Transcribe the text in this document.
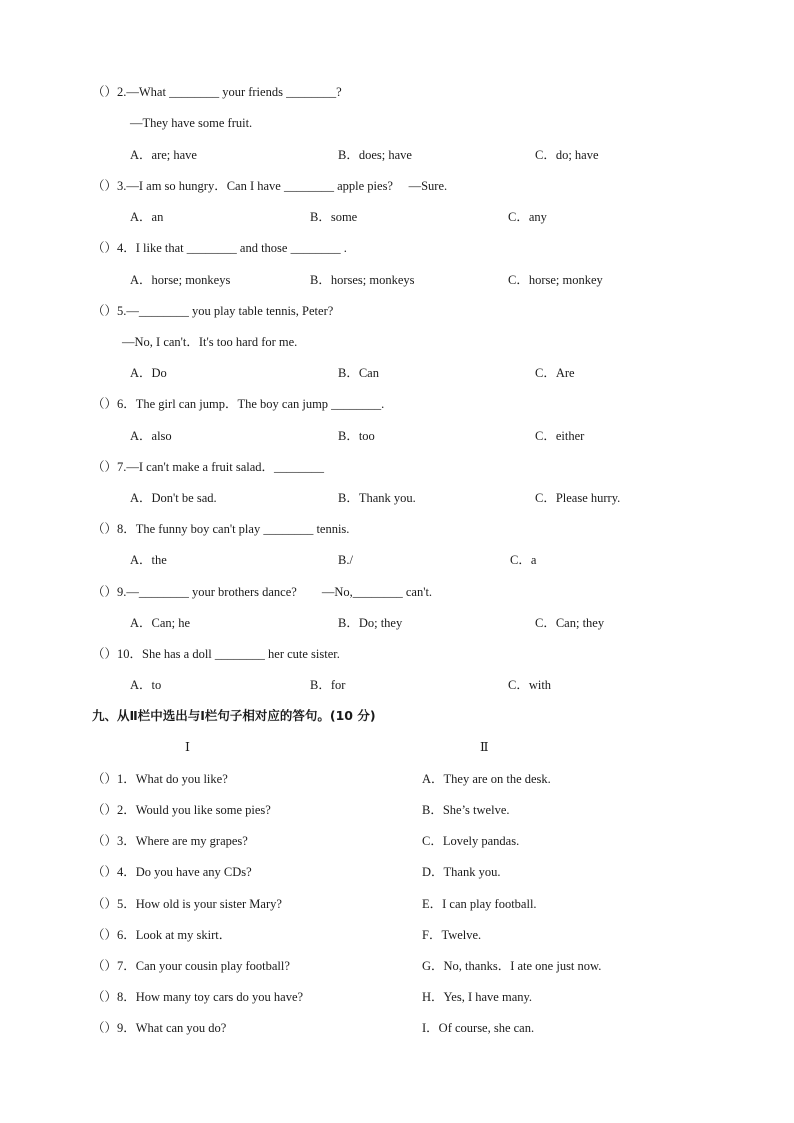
（）2.—What ________ your friends ________?
—They have some fruit.
A．are; have	B．does; have	C．do; have
（）3.—I am so hungry．Can I have ________ apple pies?　 —Sure.
A．an	B．some	C．any
（）4．I like that ________ and those ________ .
A．horse; monkeys	B．horses; monkeys	C．horse; monkey
（）5.—________ you play table tennis, Peter?
—No, I can't．It's too hard for me.
A．Do	B．Can	C．Are
（）6．The girl can jump．The boy can jump ________.
A．also	B．too	C．either
（）7.—I can't make a fruit salad．________
A．Don't be sad.	B．Thank you.	C．Please hurry.
（）8．The funny boy can't play ________ tennis.
A．the	B./	C．a
（）9.—________ your brothers dance?　　—No,________ can't.
A．Can; he	B．Do; they	C．Can; they
（）10．She has a doll ________ her cute sister.
A．to	B．for	C．with
九、从Ⅱ栏中选出与Ⅰ栏句子相对应的答句。(10 分)
Ⅰ	Ⅱ
（）1．What do you like?	A．They are on the desk.
（）2．Would you like some pies?	B．She’s twelve.
（）3．Where are my grapes?	C．Lovely pandas.
（）4．Do you have any CDs?	D．Thank you.
（）5．How old is your sister Mary?	E．I can play football.
（）6．Look at my skirt．	F．Twelve.
（）7．Can your cousin play football?	G．No, thanks．I ate one just now.
（）8．How many toy cars do you have?	H．Yes, I have many.
（）9．What can you do?	I．Of course, she can.
